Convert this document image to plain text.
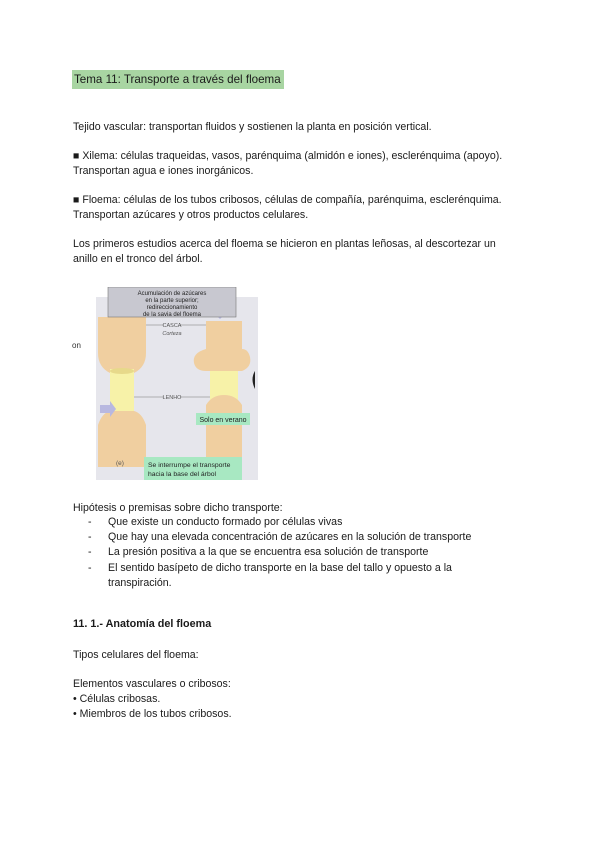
Tema 11: Transporte a través del floema

Tejido vascular: transportan fluidos y sostienen la planta en posición vertical.

■ Xilema: células traqueidas, vasos, parénquima (almidón e iones), esclerénquima (apoyo).

Transportan agua e iones inorgánicos.

■ Floema: células de los tubos cribosos, células de compañía, parénquima, esclerénquima.

Transportan azúcares y otros productos celulares.

Los primeros estudios acerca del floema se hicieron en plantas leñosas, al descortezar un

anillo en el tronco del árbol.

on
Acumulación de azúcares
en la parte superior;
redireccionamiento
de la savia del floema
CASCA
Corteza
LENHO
Solo en verano
(e)	Se interrumpe el transporte
hacia la base del árbol

Hipótesis o premisas sobre dicho transporte:

- Que existe un conducto formado por células vivas
- Que hay una elevada concentración de azúcares en la solución de transporte
- La presión positiva a la que se encuentra esa solución de transporte
- El sentido basípeto de dicho transporte en la base del tallo y opuesto a la
transpiración.
11. 1.- Anatomía del floema

Tipos celulares del floema:

Elementos vasculares o cribosos:

• Células cribosas.

• Miembros de los tubos cribosos.
